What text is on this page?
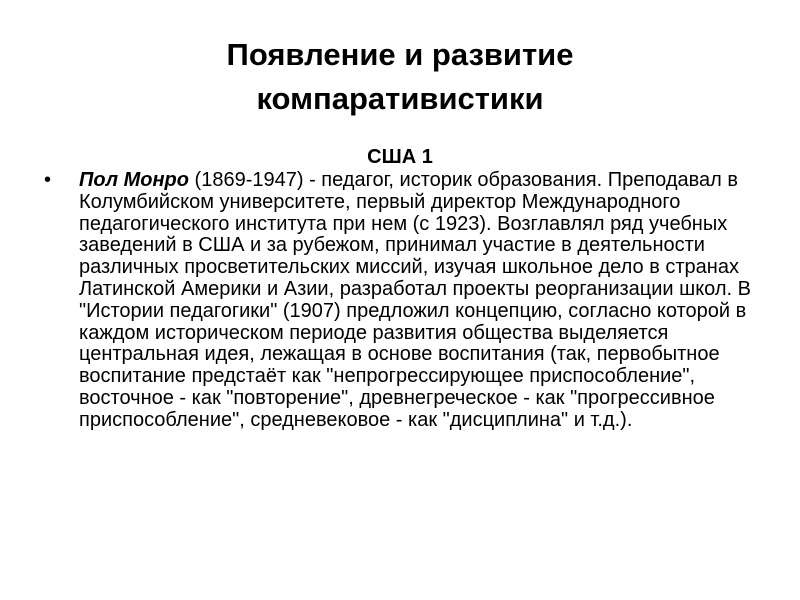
Появление и развитие
компаративистики
США 1
• Пол Монро (1869-1947) - педагог, историк образования. Преподавал в Колумбийском университете, первый директор Международного педагогического института при нем (с 1923). Возглавлял ряд учебных заведений в США и за рубежом, принимал участие в деятельности различных просветительских миссий, изучая школьное дело в странах Латинской Америки и Азии, разработал проекты реорганизации школ. В "Истории педагогики" (1907) предложил концепцию, согласно которой в каждом историческом периоде развития общества выделяется центральная идея, лежащая в основе воспитания (так, первобытное воспитание предстаёт как "непрогрессирующее приспособление", восточное - как "повторение", древнегреческое - как "прогрессивное приспособление", средневековое - как "дисциплина" и т.д.).
